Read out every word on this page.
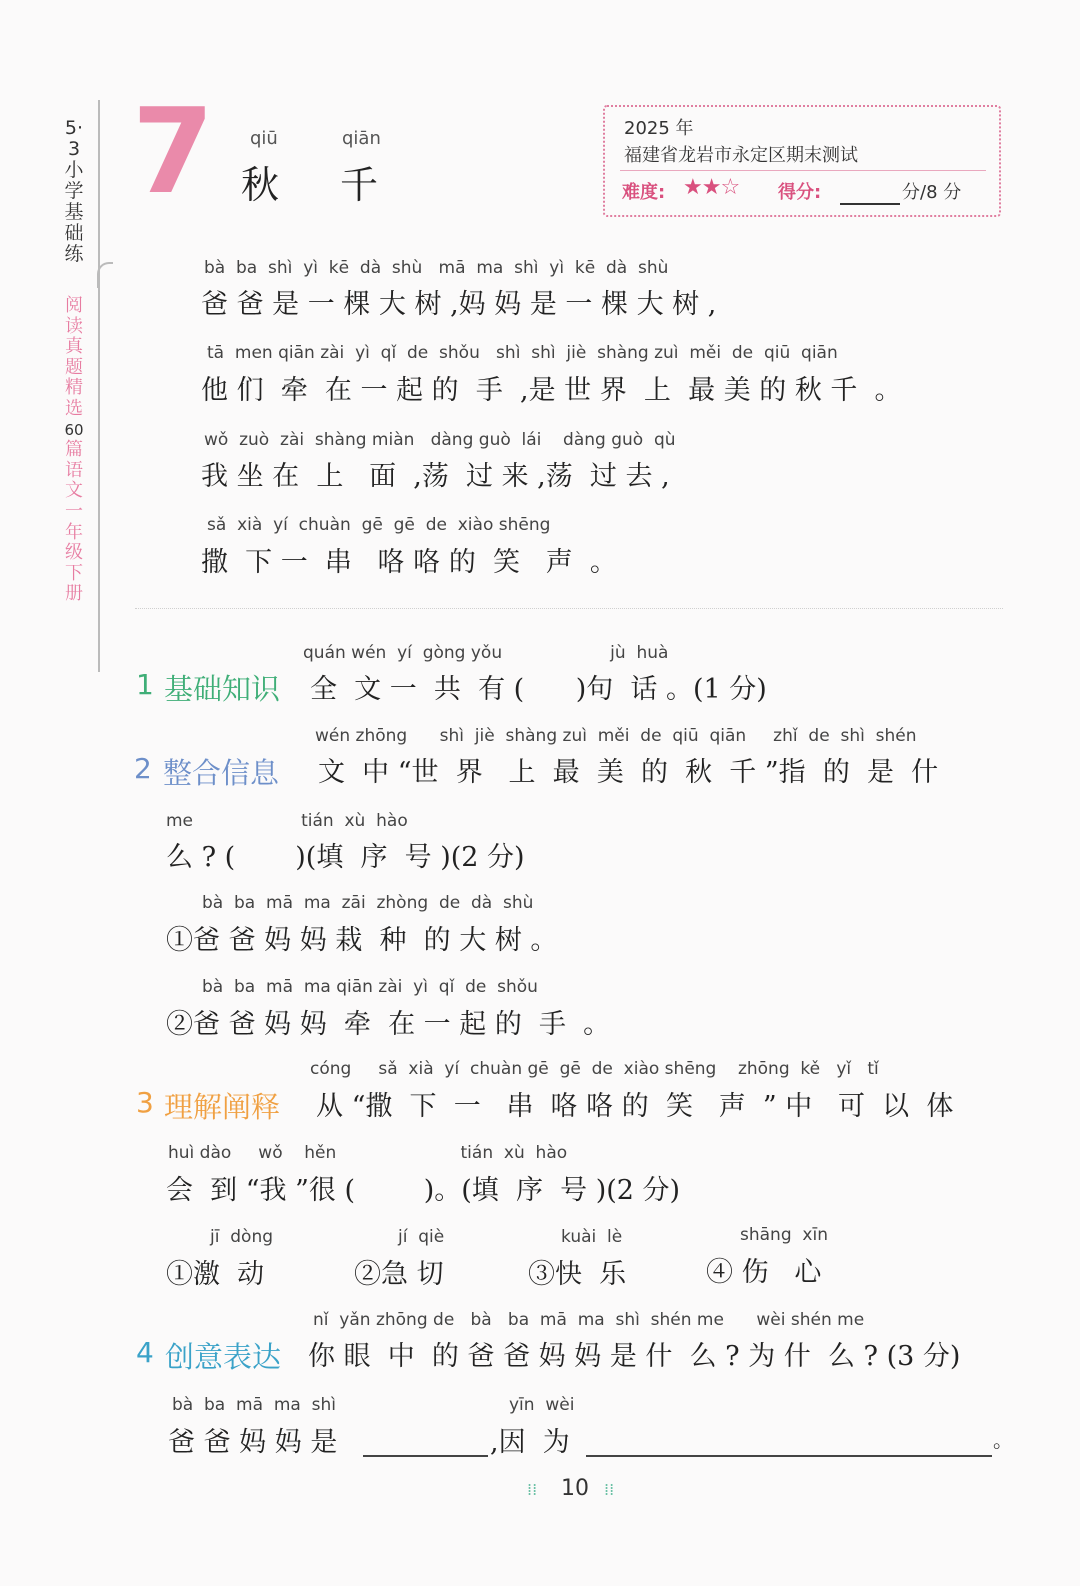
5·3小学基础练
阅读真题精选60篇
语文
一年级下册
7 qiū	qiān
秋 千
2025 年
福建省龙岩市永定区期末测试
难度: ★★☆ 得分:	分/8 分
bà  ba  shì  yì  kē  dà  shù   mā  ma  shì  yì  kē  dà  shù
爸 爸 是 一 棵 大 树 ,妈 妈 是 一 棵 大 树 ,
tā  men qiān zài  yì  qǐ  de  shǒu   shì  shì  jiè  shàng zuì  měi  de  qiū  qiān
他 们  牵  在 一 起 的  手  ,是 世 界  上  最 美 的 秋 千  。
wǒ  zuò  zài  shàng miàn   dàng guò  lái    dàng guò  qù
我 坐 在  上   面  ,荡  过 来 ,荡  过 去 ,
sǎ  xià  yí  chuàn  gē  gē  de  xiào shēng
撒  下 一  串   咯 咯 的  笑   声  。
quán wén  yí  gòng yǒu                    jù  huà
1 基础知识 全  文 一  共  有 (      )句  话 。(1 分)
wén zhōng      shì  jiè  shàng zuì  měi  de  qiū  qiān     zhǐ  de  shì  shén
2 整合信息 文  中 “世  界   上  最  美  的  秋  千 ”指  的  是  什
me                    tián  xù  hào
么 ? (       )(填  序  号 )(2 分)
bà  ba  mā  ma  zāi  zhòng  de  dà  shù
①爸 爸 妈 妈 栽  种  的 大 树 。
bà  ba  mā  ma qiān zài  yì  qǐ  de  shǒu
②爸 爸 妈 妈  牵  在 一 起 的  手  。
cóng     sǎ  xià  yí  chuàn gē  gē  de  xiào shēng    zhōng  kě   yǐ   tǐ
3 理解阐释 从 “撒  下  一   串  咯 咯 的  笑   声  ” 中   可  以  体
huì dào     wǒ    hěn                       tián  xù  hào
会  到 “我 ”很 (        )。(填  序  号 )(2 分)
jī  dòng
①激  动
jí  qiè
②急 切
kuài  lè
③快  乐
shāng  xīn
④ 伤   心
nǐ  yǎn zhōng de   bà   ba  mā  ma  shì  shén me      wèi shén me
4 创意表达 你 眼  中  的 爸 爸 妈 妈 是 什  么 ? 为 什  么 ? (3 分)
bà  ba  mā  ma  shì
爸 爸 妈 妈 是
yīn  wèi
,因  为	。
⁞⁞	10 ⁞⁞
